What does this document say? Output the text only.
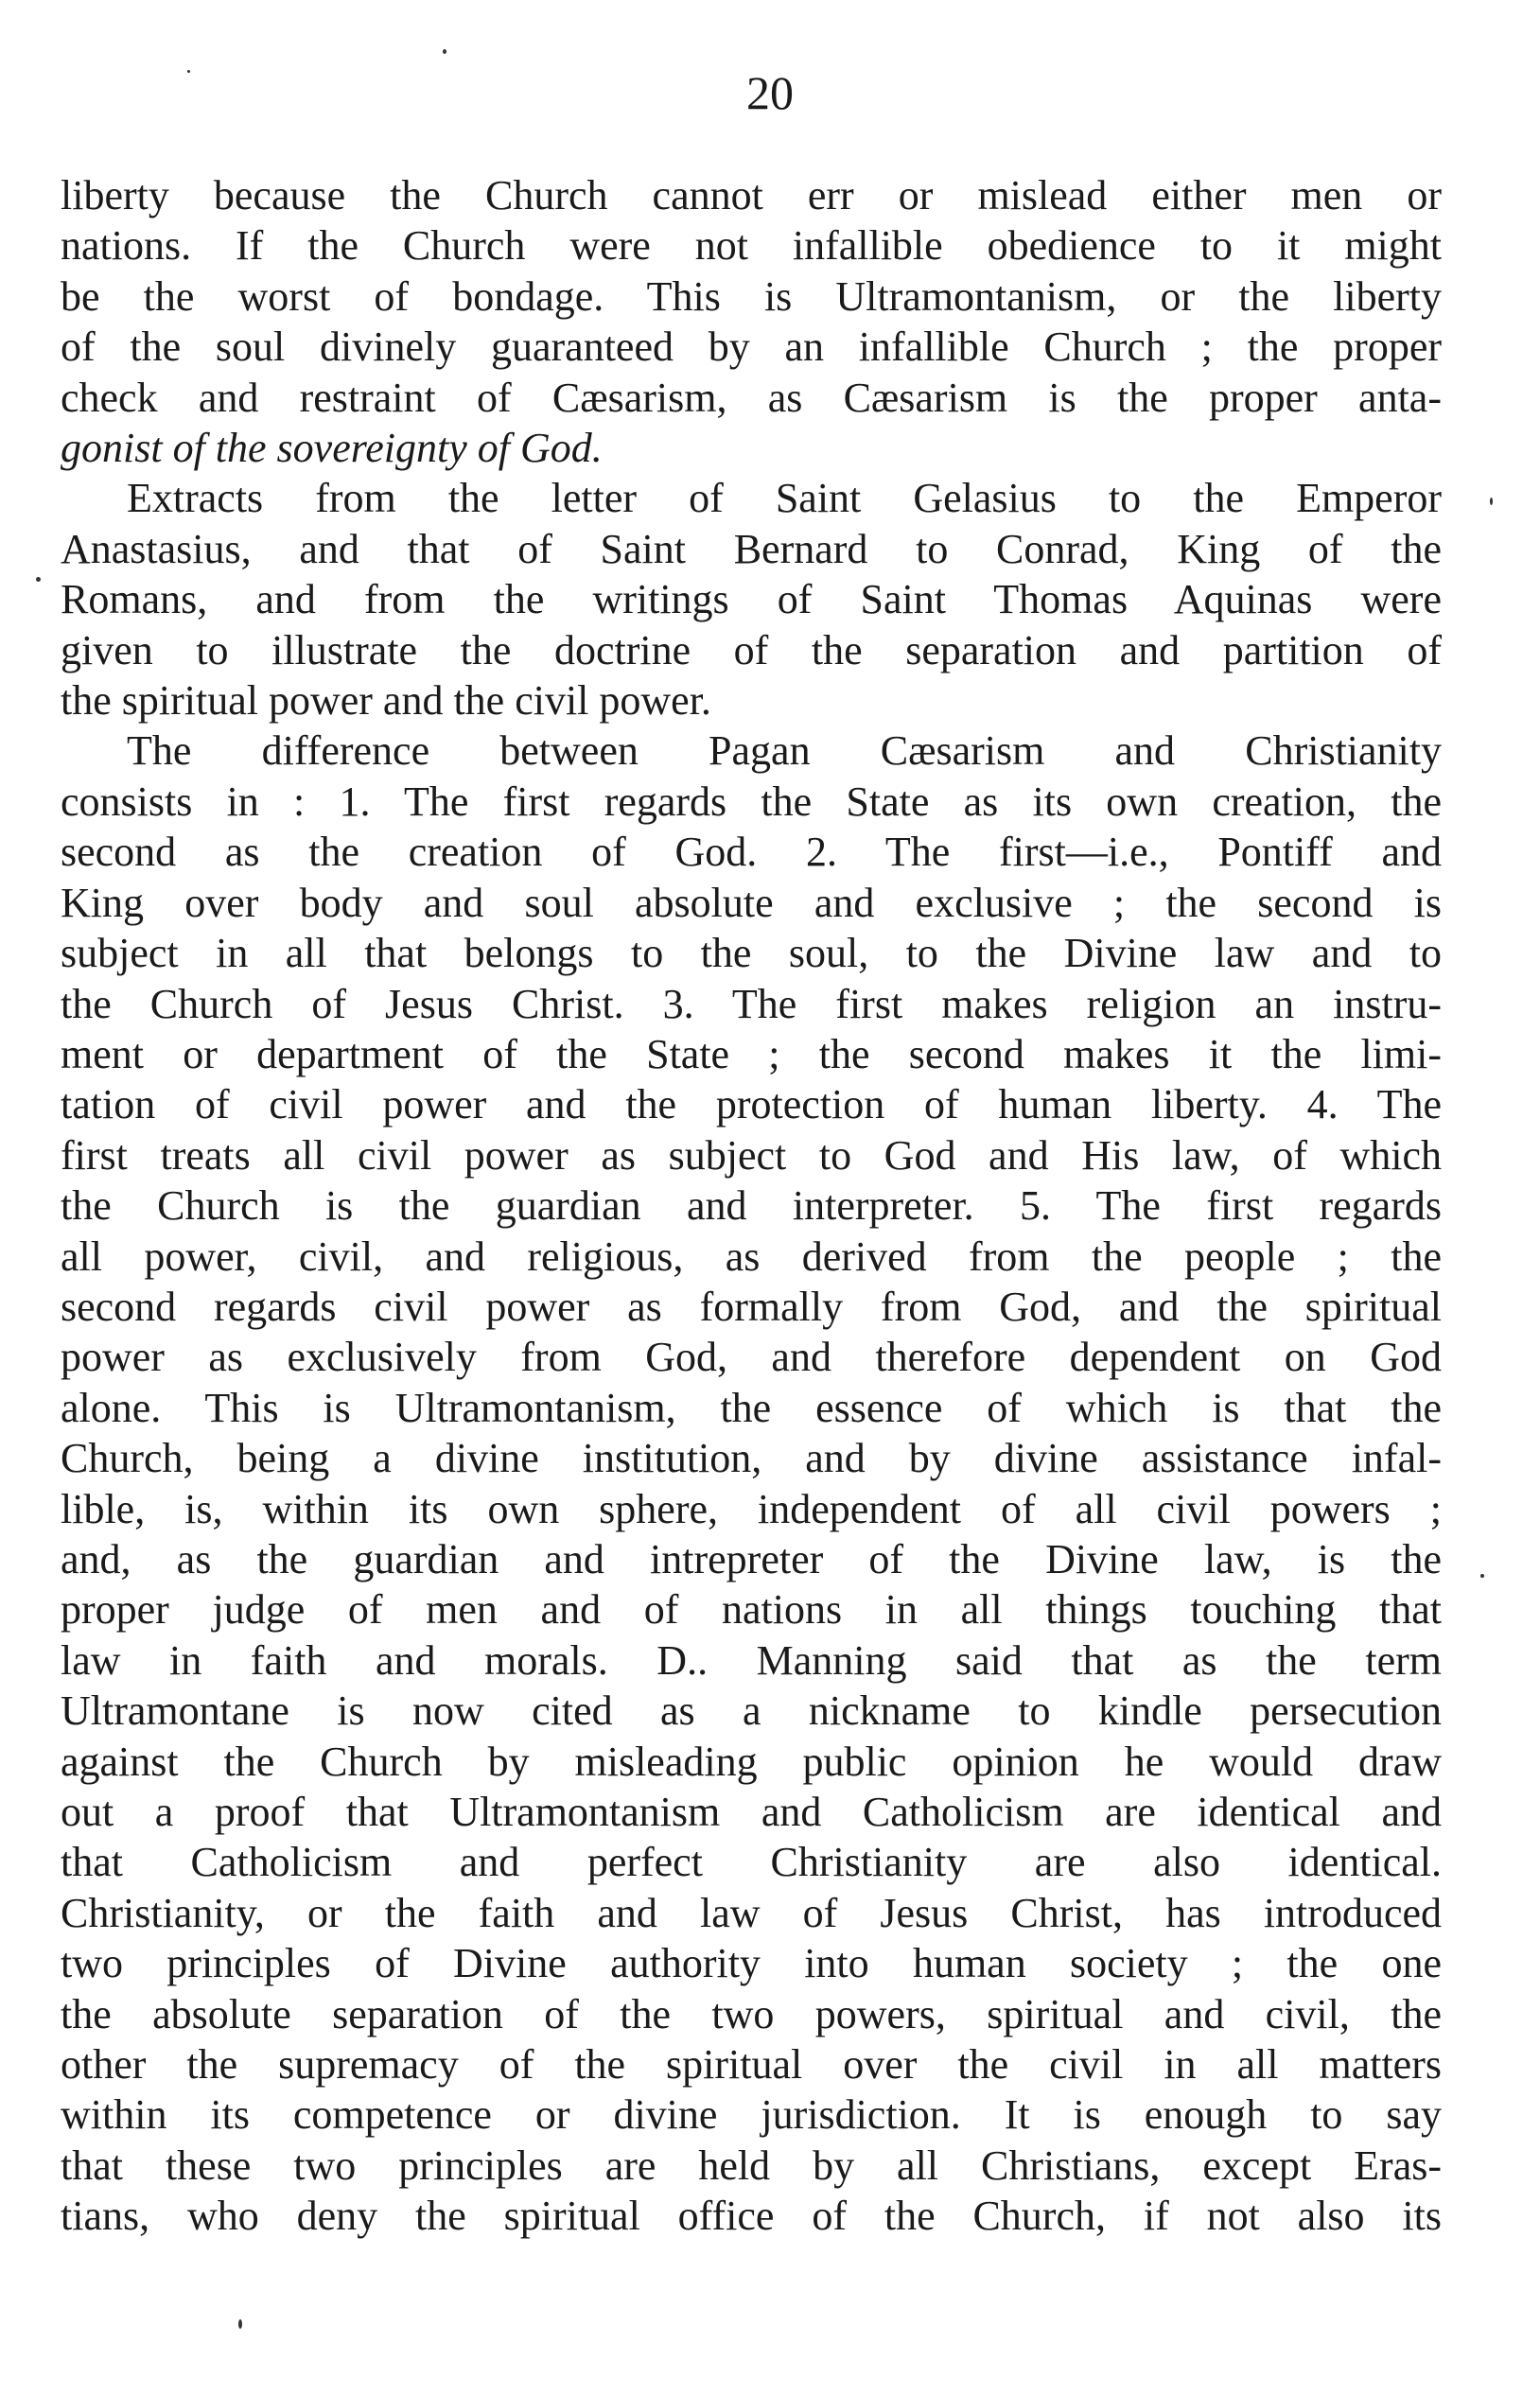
20
liberty because the Church cannot err or mislead either men or
nations. If the Church were not infallible obedience to it might
be the worst of bondage. This is Ultramontanism, or the liberty
of the soul divinely guaranteed by an infallible Church ; the proper
check and restraint of Cæsarism, as Cæsarism is the proper anta-
gonist of the sovereignty of God.
Extracts from the letter of Saint Gelasius to the Emperor
Anastasius, and that of Saint Bernard to Conrad, King of the
Romans, and from the writings of Saint Thomas Aquinas were
given to illustrate the doctrine of the separation and partition of
the spiritual power and the civil power.
The difference between Pagan Cæsarism and Christianity
consists in : 1. The first regards the State as its own creation, the
second as the creation of God. 2. The first—i.e., Pontiff and
King over body and soul absolute and exclusive ; the second is
subject in all that belongs to the soul, to the Divine law and to
the Church of Jesus Christ. 3. The first makes religion an instru-
ment or department of the State ; the second makes it the limi-
tation of civil power and the protection of human liberty. 4. The
first treats all civil power as subject to God and His law, of which
the Church is the guardian and interpreter. 5. The first regards
all power, civil, and religious, as derived from the people ; the
second regards civil power as formally from God, and the spiritual
power as exclusively from God, and therefore dependent on God
alone. This is Ultramontanism, the essence of which is that the
Church, being a divine institution, and by divine assistance infal-
lible, is, within its own sphere, independent of all civil powers ;
and, as the guardian and intrepreter of the Divine law, is the
proper judge of men and of nations in all things touching that
law in faith and morals. D.. Manning said that as the term
Ultramontane is now cited as a nickname to kindle persecution
against the Church by misleading public opinion he would draw
out a proof that Ultramontanism and Catholicism are identical and
that Catholicism and perfect Christianity are also identical.
Christianity, or the faith and law of Jesus Christ, has introduced
two principles of Divine authority into human society ; the one
the absolute separation of the two powers, spiritual and civil, the
other the supremacy of the spiritual over the civil in all matters
within its competence or divine jurisdiction. It is enough to say
that these two principles are held by all Christians, except Eras-
tians, who deny the spiritual office of the Church, if not also its
